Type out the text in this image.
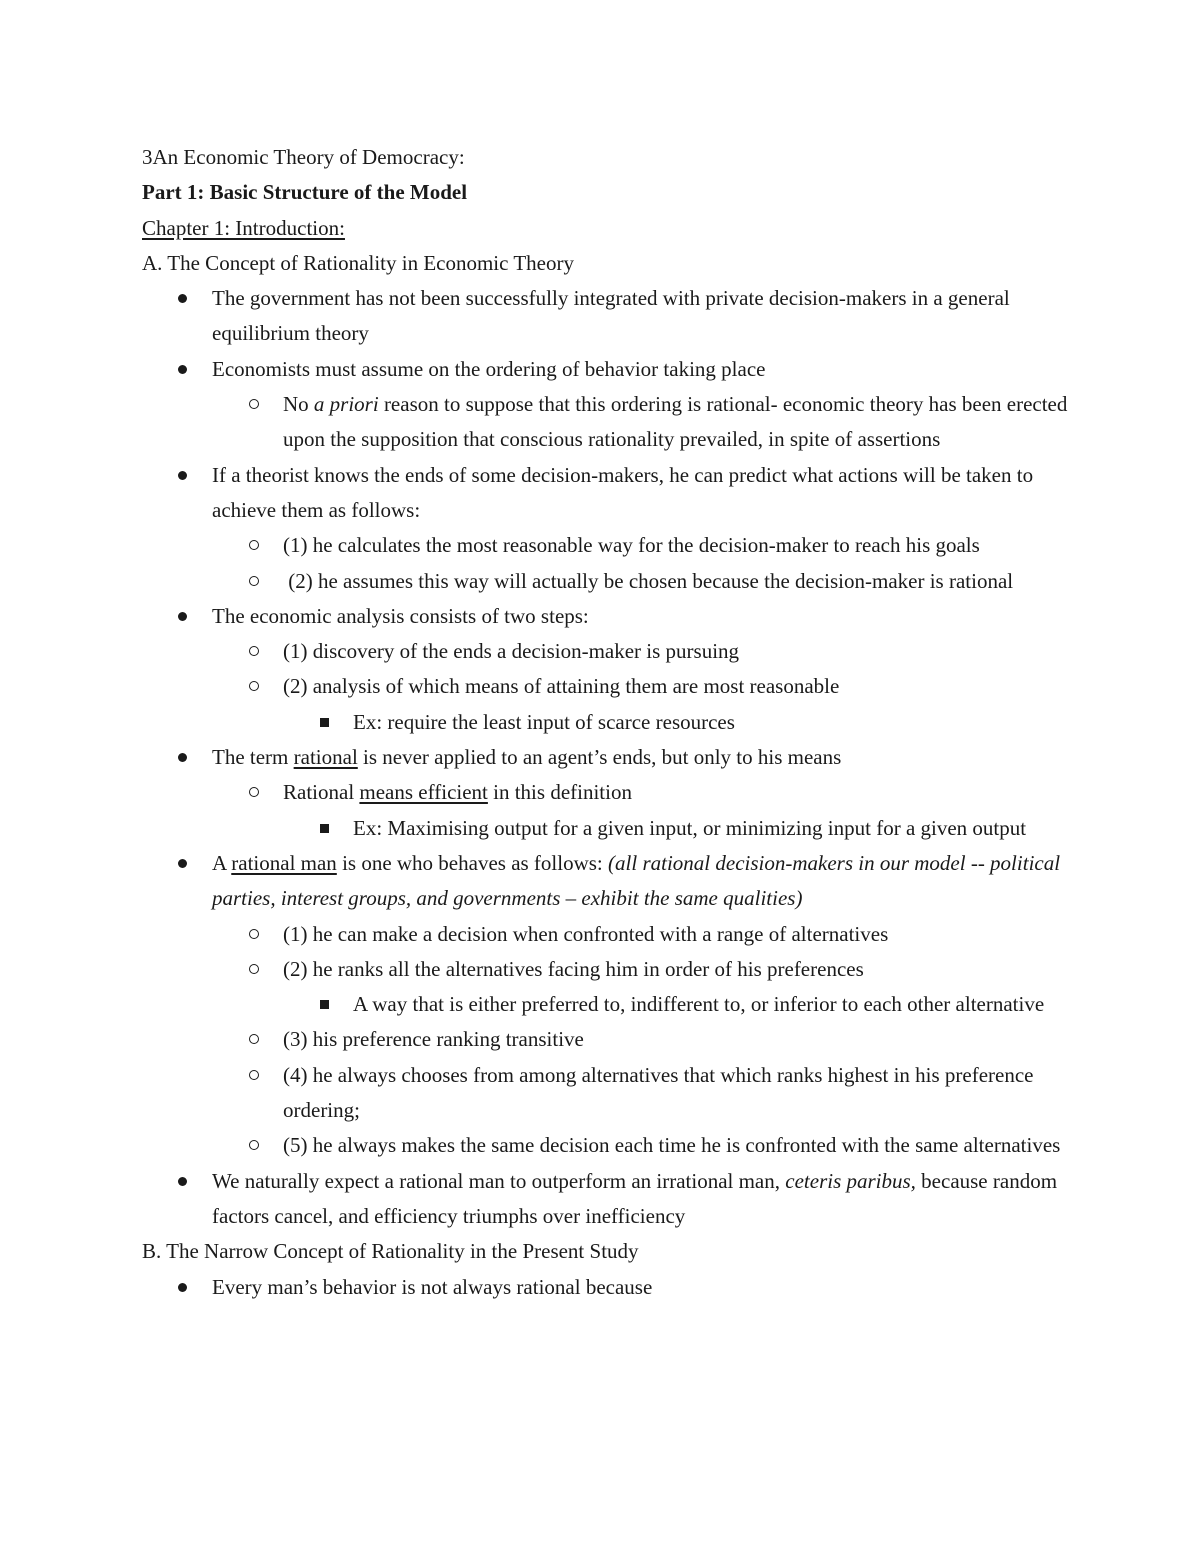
3An Economic Theory of Democracy:

Part 1: Basic Structure of the Model

Chapter 1: Introduction:

A. The Concept of Rationality in Economic Theory

The government has not been successfully integrated with private decision-makers in a general equilibrium theory
Economists must assume on the ordering of behavior taking place
No a priori reason to suppose that this ordering is rational- economic theory has been erected upon the supposition that conscious rationality prevailed, in spite of assertions
If a theorist knows the ends of some decision-makers, he can predict what actions will be taken to achieve them as follows:
(1) he calculates the most reasonable way for the decision-maker to reach his goals
(2) he assumes this way will actually be chosen because the decision-maker is rational
The economic analysis consists of two steps:
(1) discovery of the ends a decision-maker is pursuing
(2) analysis of which means of attaining them are most reasonable
Ex: require the least input of scarce resources
The term rational is never applied to an agent’s ends, but only to his means
Rational means efficient in this definition
Ex: Maximising output for a given input, or minimizing input for a given output
A rational man is one who behaves as follows: (all rational decision-makers in our model -- political parties, interest groups, and governments – exhibit the same qualities)
(1) he can make a decision when confronted with a range of alternatives
(2) he ranks all the alternatives facing him in order of his preferences
A way that is either preferred to, indifferent to, or inferior to each other alternative
(3) his preference ranking transitive
(4) he always chooses from among alternatives that which ranks highest in his preference ordering;
(5) he always makes the same decision each time he is confronted with the same alternatives
We naturally expect a rational man to outperform an irrational man, ceteris paribus, because random factors cancel, and efficiency triumphs over inefficiency

B. The Narrow Concept of Rationality in the Present Study

Every man’s behavior is not always rational because
